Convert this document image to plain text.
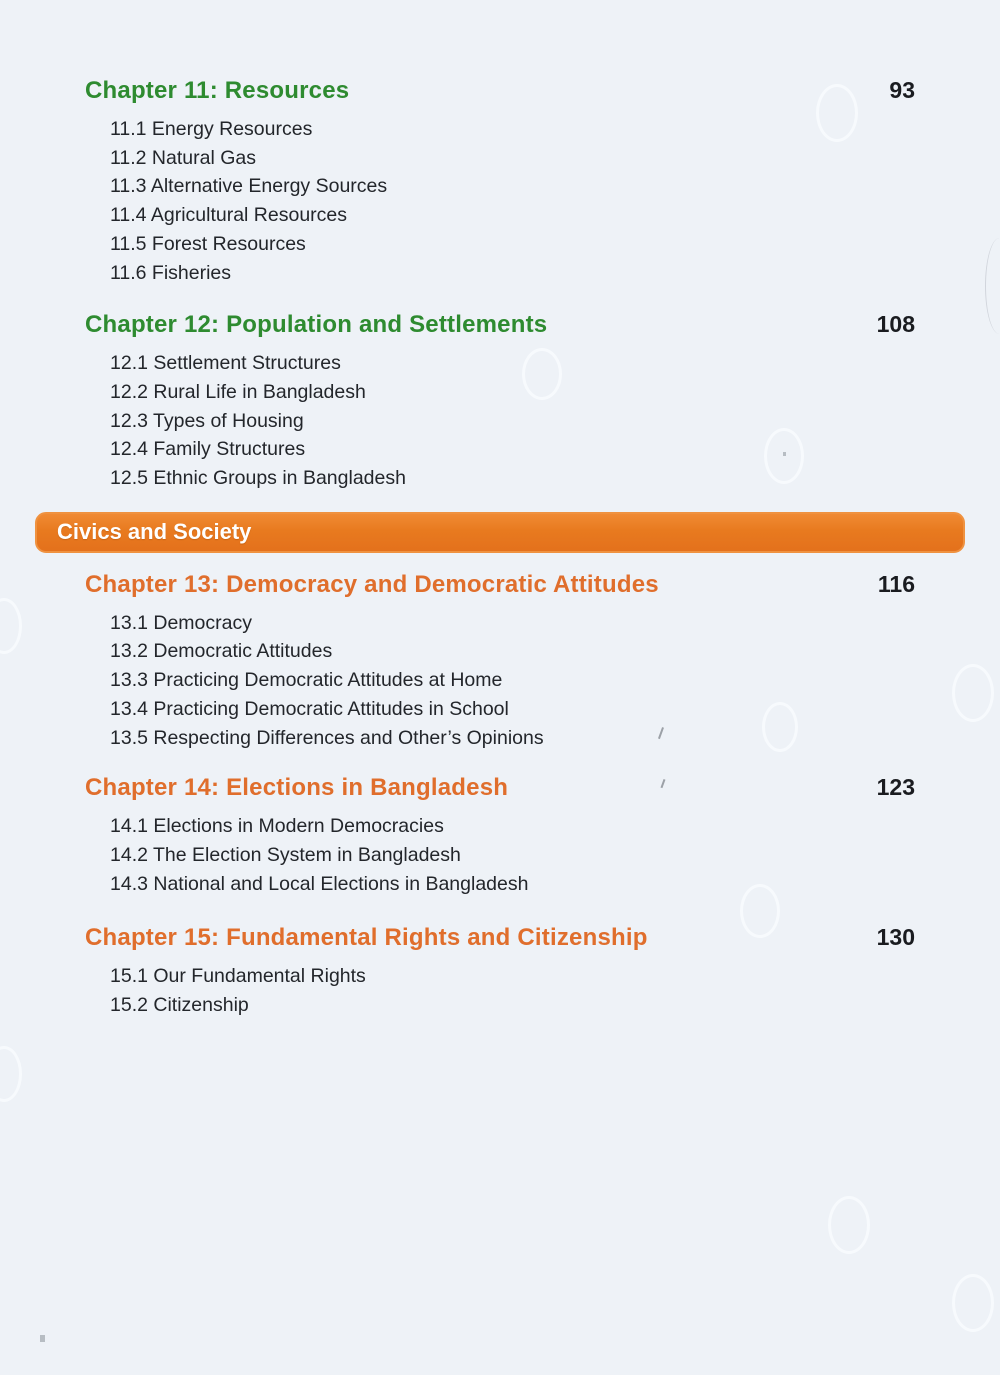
Chapter 11: Resources	93
11.1 Energy Resources
11.2 Natural Gas
11.3 Alternative Energy Sources
11.4 Agricultural Resources
11.5 Forest Resources
11.6 Fisheries
Chapter 12: Population and Settlements	108
12.1 Settlement Structures
12.2 Rural Life in Bangladesh
12.3 Types of Housing
12.4 Family Structures
12.5 Ethnic Groups in Bangladesh
Civics and Society
Chapter 13: Democracy and Democratic Attitudes	116
13.1 Democracy
13.2 Democratic Attitudes
13.3 Practicing Democratic Attitudes at Home
13.4 Practicing Democratic Attitudes in School
13.5 Respecting Differences and Other’s Opinions
Chapter 14: Elections in Bangladesh	123
14.1 Elections in Modern Democracies
14.2 The Election System in Bangladesh
14.3 National and Local Elections in Bangladesh
Chapter 15: Fundamental Rights and Citizenship	130
15.1 Our Fundamental Rights
15.2 Citizenship
